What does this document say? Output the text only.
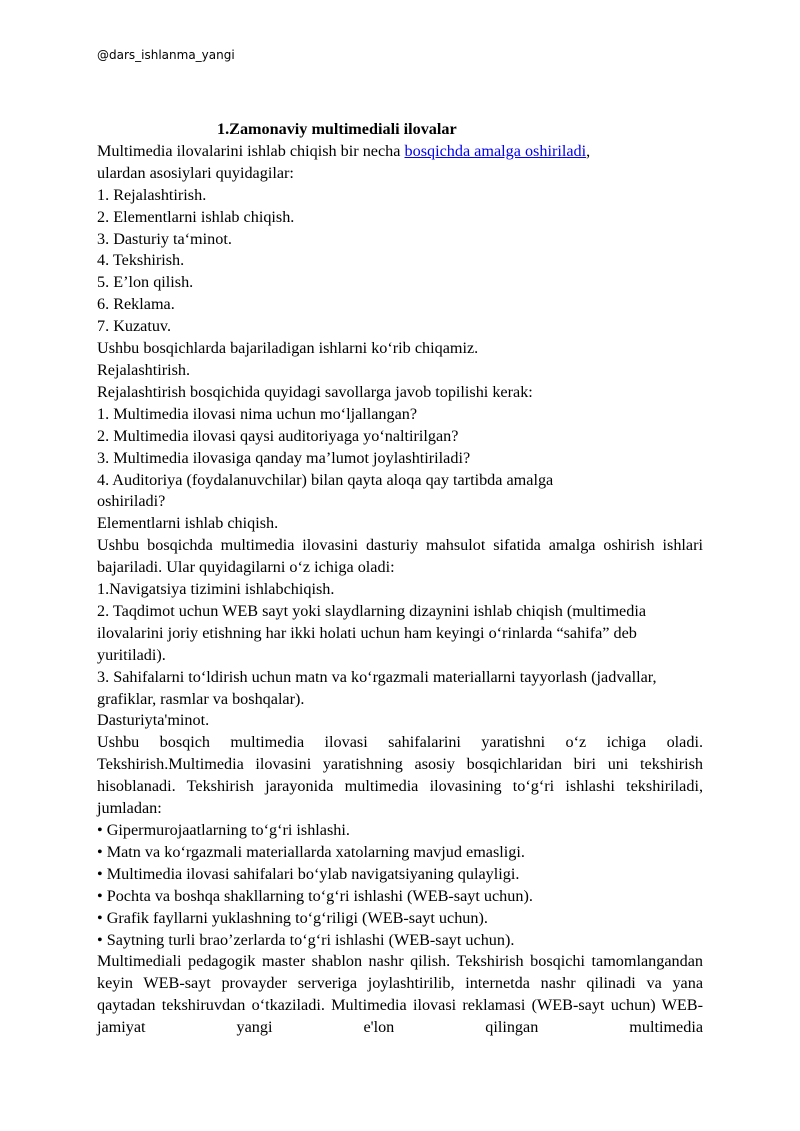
@dars_ishlanma_yangi

1.Zamonaviy multimediali ilovalar

Multimedia ilovalarini ishlab chiqish bir necha bosqichda amalga oshiriladi,

ulardan asosiylari quyidagilar:

1. Rejalashtirish.

2. Elementlarni ishlab chiqish.

3. Dasturiy taʻminot.

4. Tekshirish.

5. E’lon qilish.

6. Reklama.

7. Kuzatuv.

Ushbu bosqichlarda bajariladigan ishlarni koʻrib chiqamiz.

Rejalashtirish.

Rejalashtirish bosqichida quyidagi savollarga javob topilishi kerak:

1. Multimedia ilovasi nima uchun moʻljallangan?

2. Multimedia ilovasi qaysi auditoriyaga yoʻnaltirilgan?

3. Multimedia ilovasiga qanday maʼlumot joylashtiriladi?

4. Auditoriya (foydalanuvchilar) bilan qayta aloqa qay tartibda amalga

oshiriladi?

Elementlarni ishlab chiqish.

Ushbu bosqichda multimedia ilovasini dasturiy mahsulot sifatida amalga oshirish ishlari bajariladi. Ular quyidagilarni oʻz ichiga oladi:

1.Navigatsiya tizimini ishlabchiqish.

2. Taqdimot uchun WEB sayt yoki slaydlarning dizaynini ishlab chiqish (multimedia ilovalarini joriy etishning har ikki holati uchun ham keyingi oʻrinlarda “sahifa” deb yuritiladi).

3. Sahifalarni toʻldirish uchun matn va koʻrgazmali materiallarni tayyorlash (jadvallar, grafiklar, rasmlar va boshqalar).

Dasturiyta'minot.

Ushbu bosqich multimedia ilovasi sahifalarini yaratishni oʻz ichiga oladi. Tekshirish.Multimedia ilovasini yaratishning asosiy bosqichlaridan biri uni tekshirish hisoblanadi. Tekshirish jarayonida multimedia ilovasining toʻgʻri ishlashi tekshiriladi, jumladan:

• Gipermurojaatlarning toʻgʻri ishlashi.

• Matn va koʻrgazmali materiallarda xatolarning mavjud emasligi.

• Multimedia ilovasi sahifalari boʻylab navigatsiyaning qulayligi.

• Pochta va boshqa shakllarning toʻgʻri ishlashi (WEB-sayt uchun).

• Grafik fayllarni yuklashning toʻgʻriligi (WEB-sayt uchun).

• Saytning turli braoʼzerlarda toʻgʻri ishlashi (WEB-sayt uchun).

Multimediali pedagogik master shablon nashr qilish. Tekshirish bosqichi tamomlangandan keyin WEB-sayt provayder serveriga joylashtirilib, internetda nashr qilinadi va yana qaytadan tekshiruvdan oʻtkaziladi. Multimedia ilovasi reklamasi (WEB-sayt uchun) WEB-jamiyat yangi e'lon qilingan multimedia
